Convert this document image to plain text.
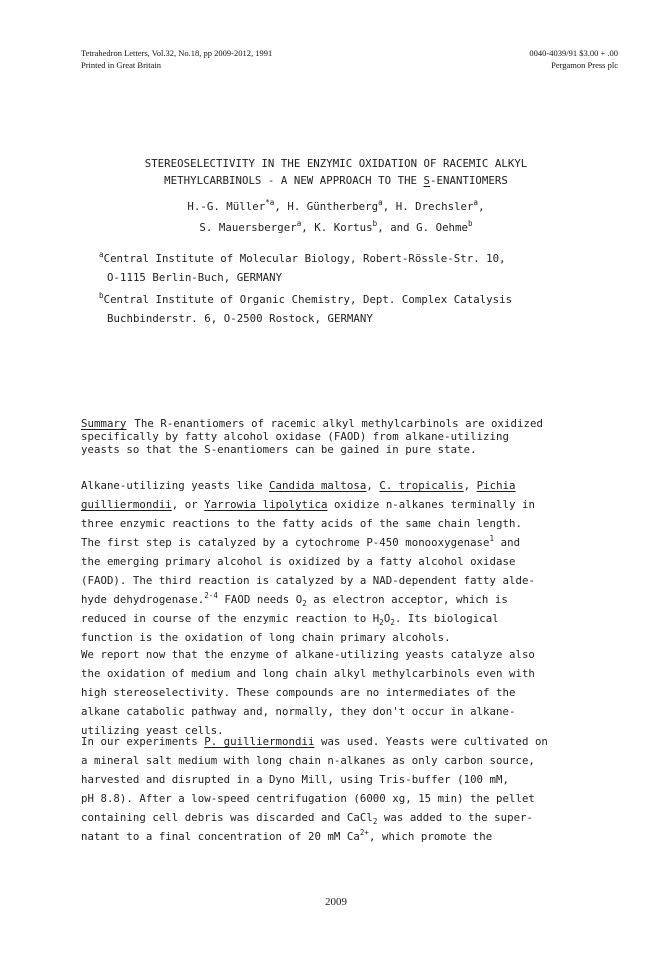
Tetrahedron Letters, Vol.32, No.18, pp 2009-2012, 1991
Printed in Great Britain
0040-4039/91 $3.00 + .00
Pergamon Press plc
STEREOSELECTIVITY IN THE ENZYMIC OXIDATION OF RACEMIC ALKYL
METHYLCARBINOLS - A NEW APPROACH TO THE S-ENANTIOMERS
H.-G. Müller$^{*a}$, H. Güntherberg$^a$, H. Drechsler$^a$,
S. Mauersberger$^a$, K. Kortus$^b$, and G. Oehme$^b$
$^a$Central Institute of Molecular Biology, Robert-Rössle-Str. 10,
O-1115 Berlin-Buch, GERMANY
$^b$Central Institute of Organic Chemistry, Dept. Complex Catalysis
Buchbinderstr. 6, O-2500 Rostock, GERMANY
Summary The R-enantiomers of racemic alkyl methylcarbinols are oxidized
specifically by fatty alcohol oxidase (FAOD) from alkane-utilizing
yeasts so that the S-enantiomers can be gained in pure state.
Alkane-utilizing yeasts like Candida maltosa, C. tropicalis, Pichia
guilliermondii, or Yarrowia lipolytica oxidize n-alkanes terminally in
three enzymic reactions to the fatty acids of the same chain length.
The first step is catalyzed by a cytochrome P-450 monooxygenase$^1$ and
the emerging primary alcohol is oxidized by a fatty alcohol oxidase
(FAOD). The third reaction is catalyzed by a NAD-dependent fatty alde-
hyde dehydrogenase.$^{2-4}$ FAOD needs $O_2$ as electron acceptor, which is
reduced in course of the enzymic reaction to $H_2O_2$. Its biological
function is the oxidation of long chain primary alcohols.
We report now that the enzyme of alkane-utilizing yeasts catalyze also
the oxidation of medium and long chain alkyl methylcarbinols even with
high stereoselectivity. These compounds are no intermediates of the
alkane catabolic pathway and, normally, they don't occur in alkane-
utilizing yeast cells.
In our experiments P. guilliermondii was used. Yeasts were cultivated on
a mineral salt medium with long chain n-alkanes as only carbon source,
harvested and disrupted in a Dyno Mill, using Tris-buffer (100 mM,
pH 8.8). After a low-speed centrifugation (6000 xg, 15 min) the pellet
containing cell debris was discarded and CaCl$_2$ was added to the super-
natant to a final concentration of 20 mM $Ca^{2+}$, which promote the
2009
